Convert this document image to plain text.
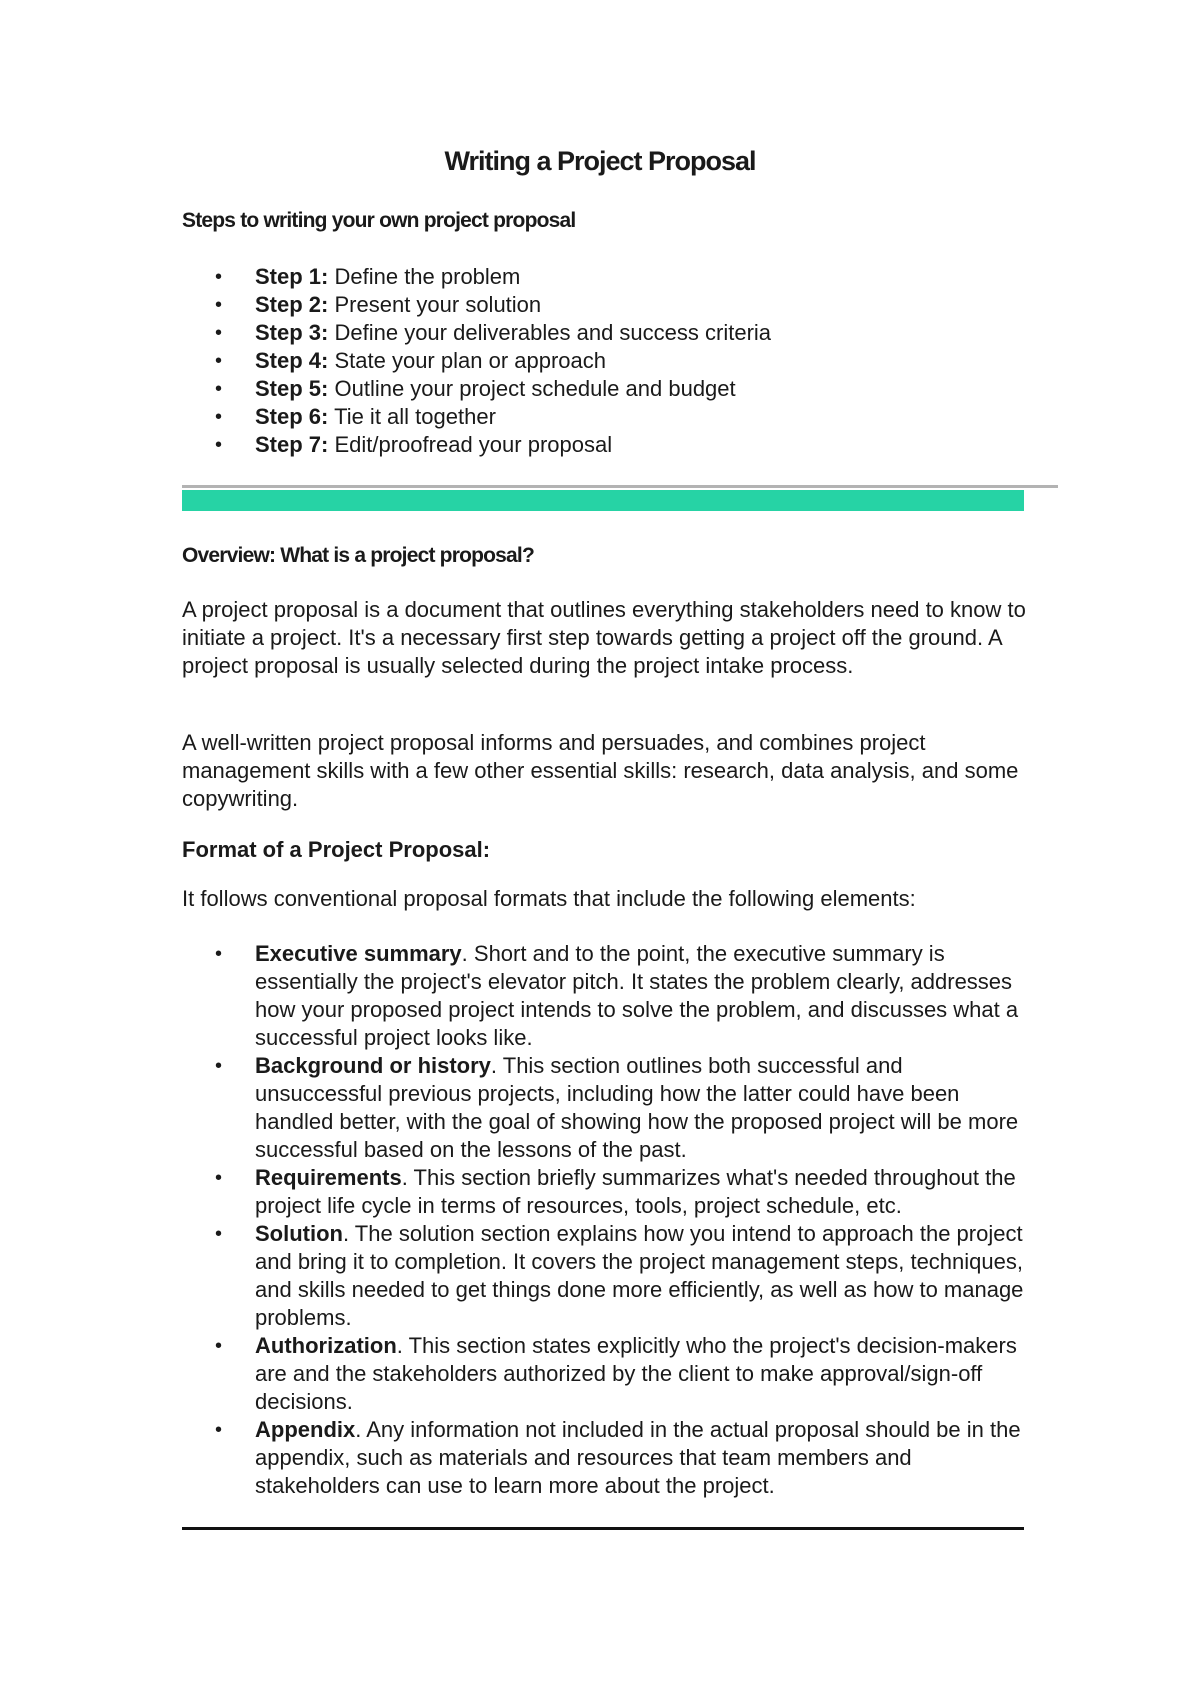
Writing a Project Proposal
Steps to writing your own project proposal
• Step 1: Define the problem
• Step 2: Present your solution
• Step 3: Define your deliverables and success criteria
• Step 4: State your plan or approach
• Step 5: Outline your project schedule and budget
• Step 6: Tie it all together
• Step 7: Edit/proofread your proposal
Overview: What is a project proposal?

A project proposal is a document that outlines everything stakeholders need to know to initiate a project. It's a necessary first step towards getting a project off the ground. A project proposal is usually selected during the project intake process.

A well-written project proposal informs and persuades, and combines project management skills with a few other essential skills: research, data analysis, and some copywriting.

Format of a Project Proposal:

It follows conventional proposal formats that include the following elements:

• Executive summary. Short and to the point, the executive summary is essentially the project's elevator pitch. It states the problem clearly, addresses how your proposed project intends to solve the problem, and discusses what a successful project looks like.
• Background or history. This section outlines both successful and unsuccessful previous projects, including how the latter could have been handled better, with the goal of showing how the proposed project will be more successful based on the lessons of the past.
• Requirements. This section briefly summarizes what's needed throughout the project life cycle in terms of resources, tools, project schedule, etc.
• Solution. The solution section explains how you intend to approach the project and bring it to completion. It covers the project management steps, techniques, and skills needed to get things done more efficiently, as well as how to manage problems.
• Authorization. This section states explicitly who the project's decision-makers are and the stakeholders authorized by the client to make approval/sign-off decisions.
• Appendix. Any information not included in the actual proposal should be in the appendix, such as materials and resources that team members and stakeholders can use to learn more about the project.
